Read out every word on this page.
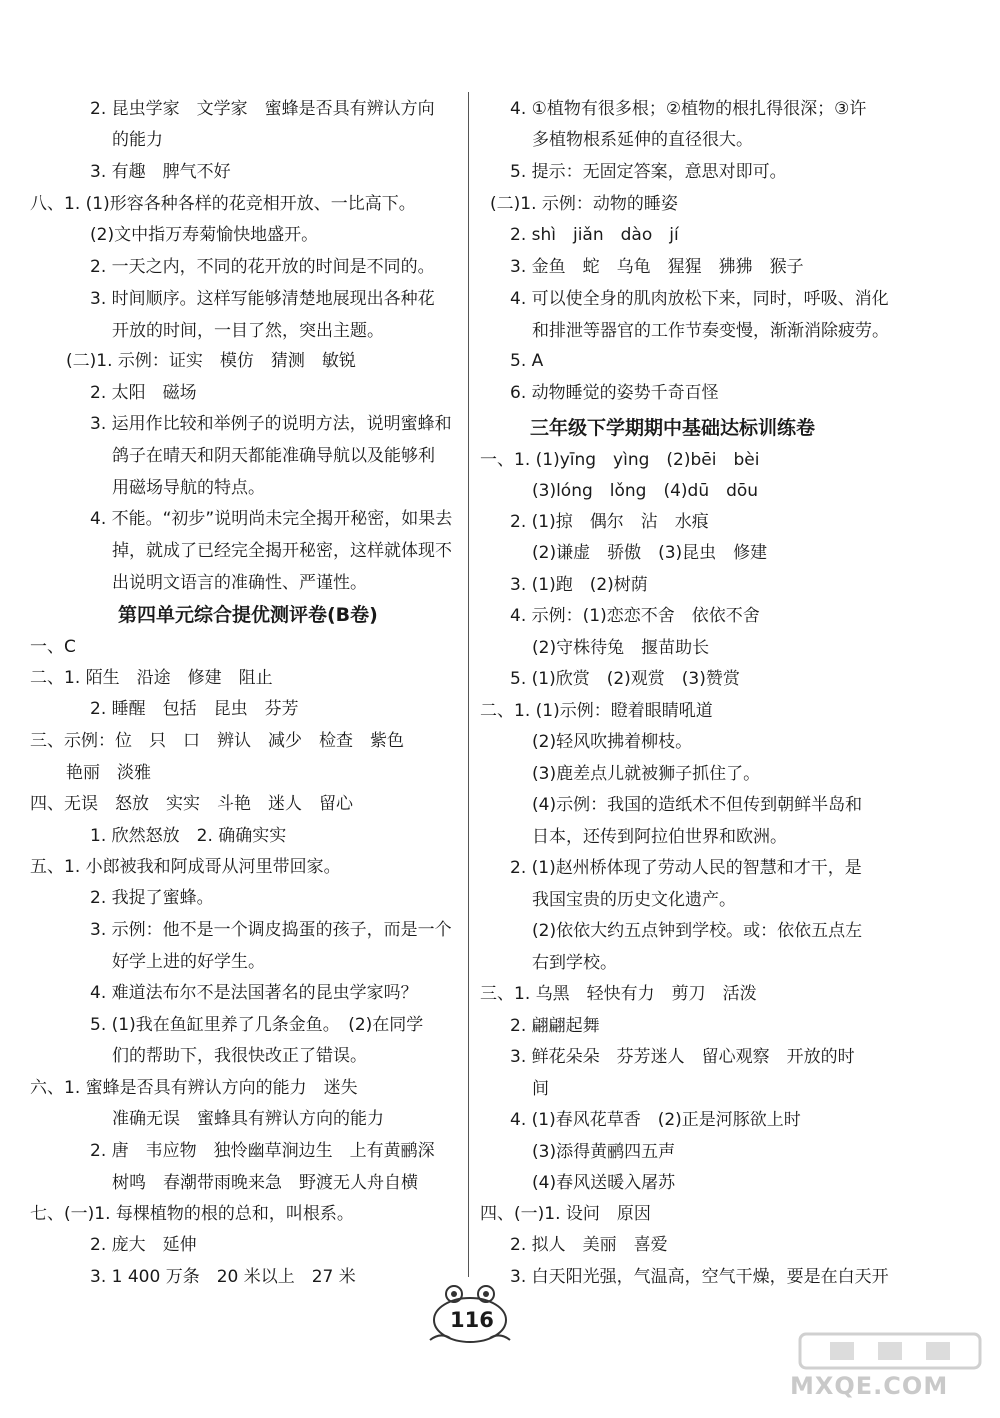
2. 昆虫学家　文学家　蜜蜂是否具有辨认方向
的能力
3. 有趣　脾气不好
八、1. (1)形容各种各样的花竞相开放、一比高下。
(2)文中指万寿菊愉快地盛开。
2. 一天之内，不同的花开放的时间是不同的。
3. 时间顺序。这样写能够清楚地展现出各种花
开放的时间，一目了然，突出主题。
(二)1. 示例：证实　模仿　猜测　敏锐
2. 太阳　磁场
3. 运用作比较和举例子的说明方法，说明蜜蜂和
鸽子在晴天和阴天都能准确导航以及能够利
用磁场导航的特点。
4. 不能。“初步”说明尚未完全揭开秘密，如果去
掉，就成了已经完全揭开秘密，这样就体现不
出说明文语言的准确性、严谨性。
一、C
二、1. 陌生　沿途　修建　阻止
2. 睡醒　包括　昆虫　芬芳
三、示例：位　只　口　辨认　减少　检查　紫色
艳丽　淡雅
四、无误　怒放　实实　斗艳　迷人　留心
1. 欣然怒放　2. 确确实实
五、1. 小郎被我和阿成哥从河里带回家。
2. 我捉了蜜蜂。
3. 示例：他不是一个调皮捣蛋的孩子，而是一个
好学上进的好学生。
4. 难道法布尔不是法国著名的昆虫学家吗？
5. (1)我在鱼缸里养了几条金鱼。　(2)在同学
们的帮助下，我很快改正了错误。
六、1. 蜜蜂是否具有辨认方向的能力　迷失
准确无误　蜜蜂具有辨认方向的能力
2. 唐　韦应物　独怜幽草涧边生　上有黄鹂深
树鸣　春潮带雨晚来急　野渡无人舟自横
七、(一)1. 每棵植物的根的总和，叫根系。
2. 庞大　延伸
3. 1 400 万条　20 米以上　27 米
第四单元综合提优测评卷(B卷)
4. ①植物有很多根；②植物的根扎得很深；③许
多植物根系延伸的直径很大。
5. 提示：无固定答案，意思对即可。
(二)1. 示例：动物的睡姿
2. shì　jiǎn　dào　jí
3. 金鱼　蛇　乌龟　猩猩　狒狒　猴子
4. 可以使全身的肌肉放松下来，同时，呼吸、消化
和排泄等器官的工作节奏变慢，渐渐消除疲劳。
5. A
6. 动物睡觉的姿势千奇百怪
一、1. (1)yīng　yìng　(2)bēi　bèi
(3)lóng　lǒng　(4)dū　dōu
2. (1)掠　偶尔　沾　水痕
(2)谦虚　骄傲　(3)昆虫　修建
3. (1)跑　(2)树荫
4. 示例：(1)恋恋不舍　依依不舍
(2)守株待兔　揠苗助长
5. (1)欣赏　(2)观赏　(3)赞赏
二、1. (1)示例：瞪着眼睛吼道
(2)轻风吹拂着柳枝。
(3)鹿差点儿就被狮子抓住了。
(4)示例：我国的造纸术不但传到朝鲜半岛和
日本，还传到阿拉伯世界和欧洲。
2. (1)赵州桥体现了劳动人民的智慧和才干，是
我国宝贵的历史文化遗产。
(2)依依大约五点钟到学校。或：依依五点左
右到学校。
三、1. 乌黑　轻快有力　剪刀　活泼
2. 翩翩起舞
3. 鲜花朵朵　芬芳迷人　留心观察　开放的时
间
4. (1)春风花草香　(2)正是河豚欲上时
(3)添得黄鹂四五声
(4)春风送暖入屠苏
四、(一)1. 设问　原因
2. 拟人　美丽　喜爱
3. 白天阳光强，气温高，空气干燥，要是在白天开
三年级下学期期中基础达标训练卷
116
MXQE.COM
